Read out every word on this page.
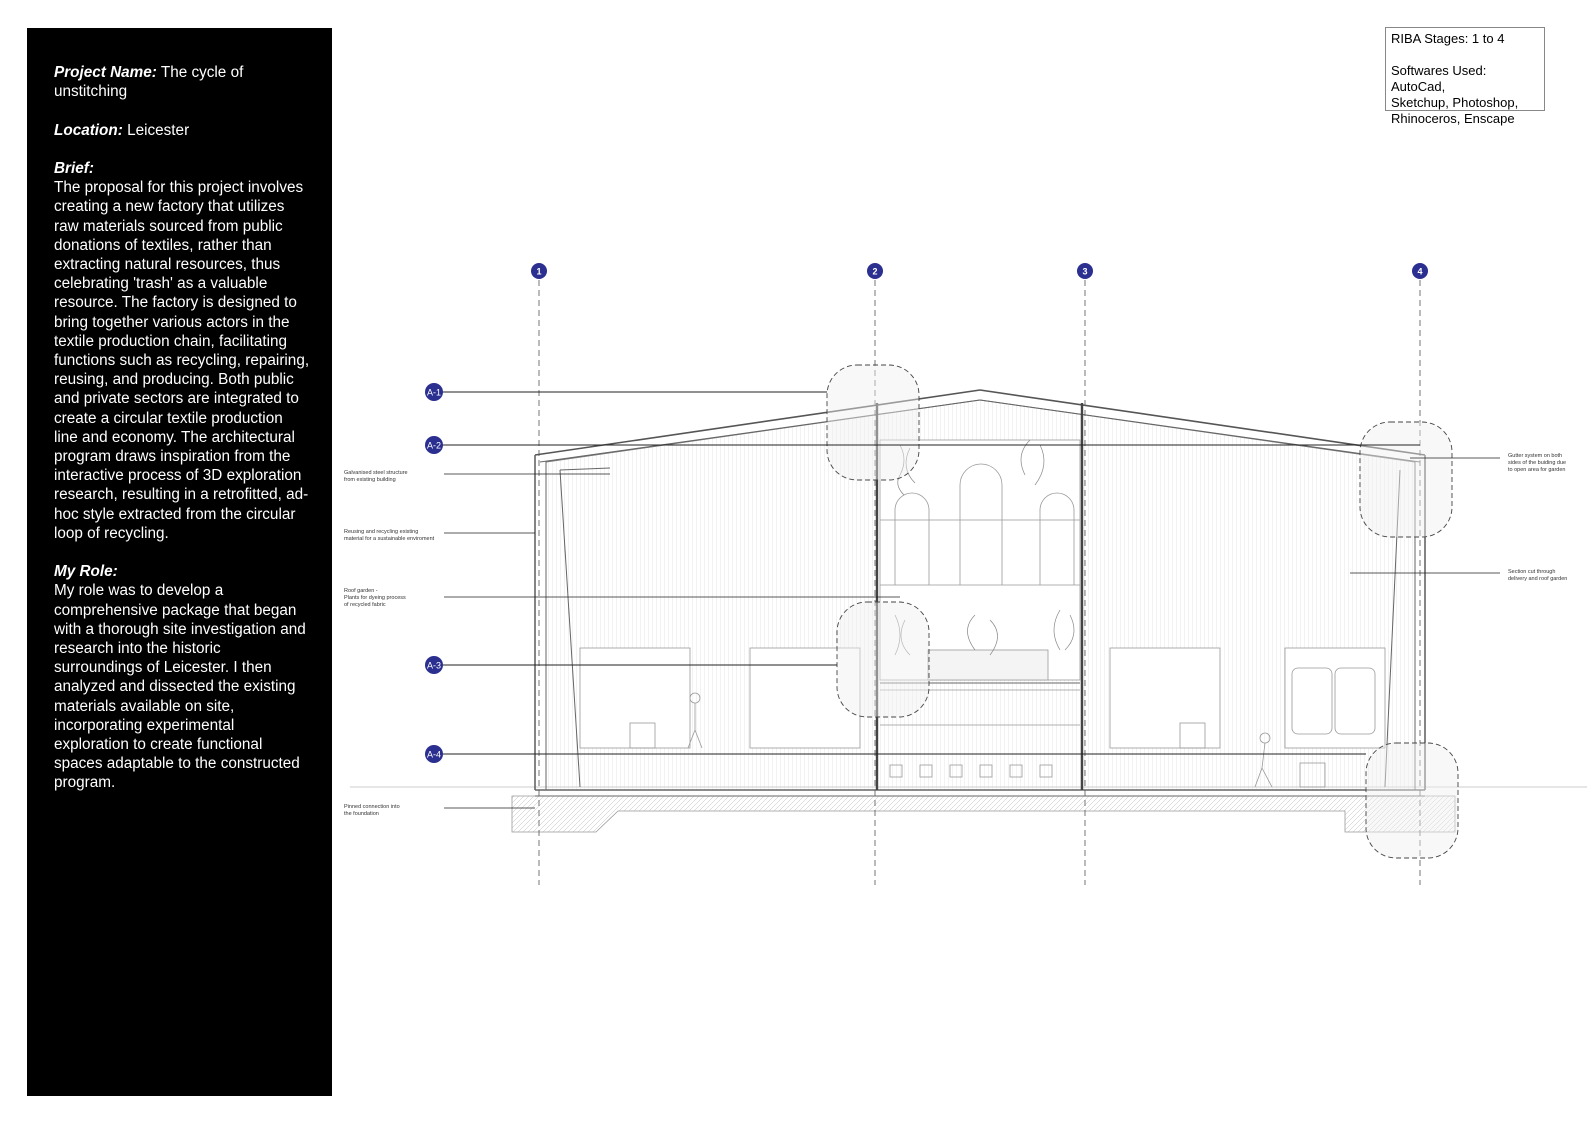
Project Name: The cycle of unstitching

Location: Leicester

Brief:
The proposal for this project involves creating a new factory that utilizes raw materials sourced from public donations of textiles, rather than extracting natural resources, thus celebrating 'trash' as a valuable resource. The factory is designed to bring together various actors in the textile production chain, facilitating functions such as recycling, repairing, reusing, and producing. Both public and private sectors are integrated to create a circular textile production line and economy. The architectural program draws inspiration from the interactive process of 3D exploration research, resulting in a retrofitted, ad-hoc style extracted from the circular loop of recycling.

My Role:
My role was to develop a comprehensive package that began with a thorough site investigation and research into the historic surroundings of Leicester. I then analyzed and dissected the existing materials available on site, incorporating experimental exploration to create functional spaces adaptable to the constructed program.

RIBA Stages: 1 to 4
Softwares Used: AutoCad,
Sketchup, Photoshop,
Rhinoceros, Enscape
1	2	3	4
A-1
A-2
A-3
A-4
Galvanised steel structure from existing building
Reusing and recycling existing material for a sustainable enviroment
Roof garden - Plants for dyeing process of recycled fabric
Pinned connection into the foundation
Gutter system on both sides of the buiding due to open area for garden
Section cut through delivery and roof garden
